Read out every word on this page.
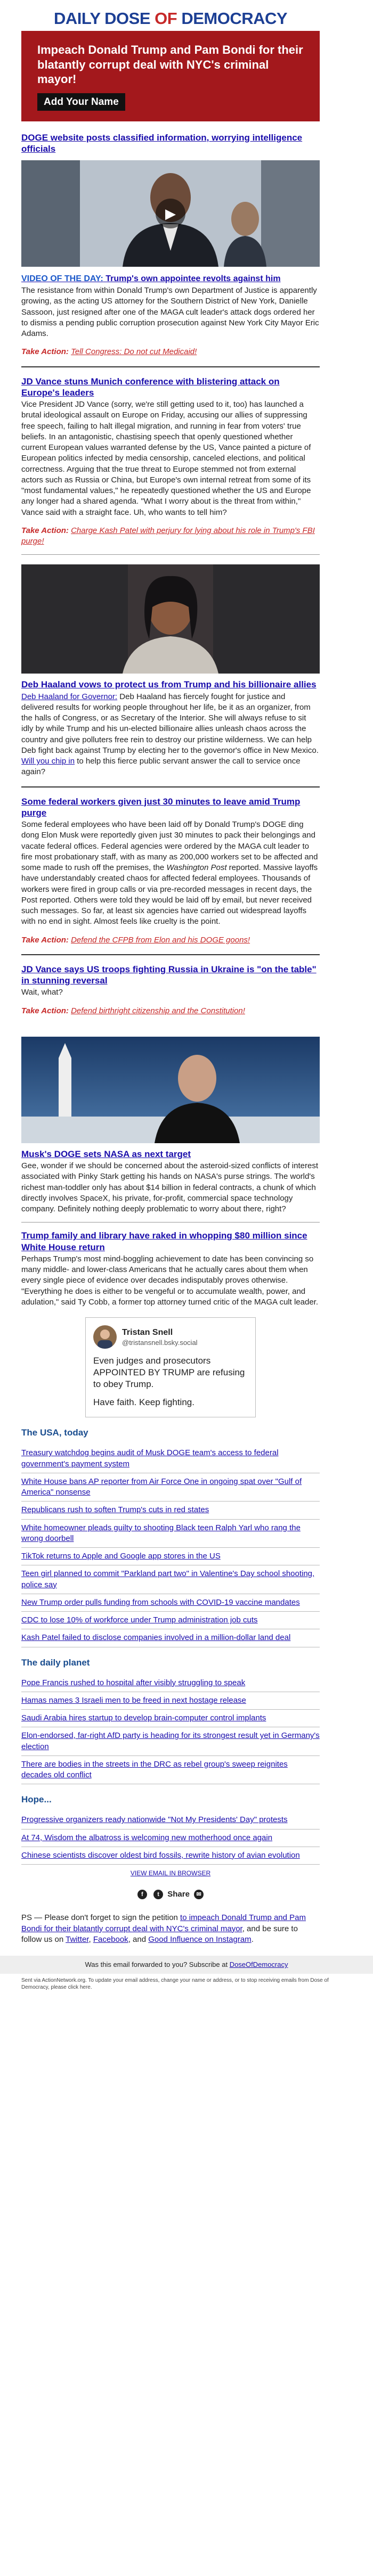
DAILY DOSE OF DEMOCRACY
Impeach Donald Trump and Pam Bondi for their blatantly corrupt deal with NYC's criminal mayor!
Add Your Name
DOGE website posts classified information, worrying intelligence officials
▶
VIDEO OF THE DAY: Trump's own appointee revolts against him
The resistance from within Donald Trump's own Department of Justice is apparently growing, as the acting US attorney for the Southern District of New York, Danielle Sassoon, just resigned after one of the MAGA cult leader's attack dogs ordered her to dismiss a pending public corruption prosecution against New York City Mayor Eric Adams.
Take Action: Tell Congress: Do not cut Medicaid!
JD Vance stuns Munich conference with blistering attack on Europe's leaders
Vice President JD Vance (sorry, we're still getting used to it, too) has launched a brutal ideological assault on Europe on Friday, accusing our allies of suppressing free speech, failing to halt illegal migration, and running in fear from voters' true beliefs. In an antagonistic, chastising speech that openly questioned whether current European values warranted defense by the US, Vance painted a picture of European politics infected by media censorship, canceled elections, and political correctness. Arguing that the true threat to Europe stemmed not from external actors such as Russia or China, but Europe's own internal retreat from some of its "most fundamental values," he repeatedly questioned whether the US and Europe any longer had a shared agenda. "What I worry about is the threat from within," Vance said with a straight face. Uh, who wants to tell him?
Take Action: Charge Kash Patel with perjury for lying about his role in Trump's FBI purge!
Deb Haaland vows to protect us from Trump and his billionaire allies
Deb Haaland for Governor: Deb Haaland has fiercely fought for justice and delivered results for working people throughout her life, be it as an organizer, from the halls of Congress, or as Secretary of the Interior. She will always refuse to sit idly by while Trump and his un-elected billionaire allies unleash chaos across the country and give polluters free rein to destroy our pristine wilderness. We can help Deb fight back against Trump by electing her to the governor's office in New Mexico. Will you chip in to help this fierce public servant answer the call to service once again?
Some federal workers given just 30 minutes to leave amid Trump purge
Some federal employees who have been laid off by Donald Trump's DOGE ding dong Elon Musk were reportedly given just 30 minutes to pack their belongings and vacate federal offices. Federal agencies were ordered by the MAGA cult leader to fire most probationary staff, with as many as 200,000 workers set to be affected and some made to rush off the premises, the Washington Post reported. Massive layoffs have understandably created chaos for affected federal employees. Thousands of workers were fired in group calls or via pre-recorded messages in recent days, the Post reported. Others were told they would be laid off by email, but never received such messages. So far, at least six agencies have carried out widespread layoffs with no end in sight. Almost feels like cruelty is the point.
Take Action: Defend the CFPB from Elon and his DOGE goons!
JD Vance says US troops fighting Russia in Ukraine is "on the table" in stunning reversal
Wait, what?
Take Action: Defend birthright citizenship and the Constitution!
Musk's DOGE sets NASA as next target
Gee, wonder if we should be concerned about the asteroid-sized conflicts of interest associated with Pinky Stark getting his hands on NASA's purse strings. The world's richest man-toddler only has about $14 billion in federal contracts, a chunk of which directly involves SpaceX, his private, for-profit, commercial space technology company. Definitely nothing deeply problematic to worry about there, right?
Trump family and library have raked in whopping $80 million since White House return
Perhaps Trump's most mind-boggling achievement to date has been convincing so many middle- and lower-class Americans that he actually cares about them when every single piece of evidence over decades indisputably proves otherwise. "Everything he does is either to be vengeful or to accumulate wealth, power, and adulation," said Ty Cobb, a former top attorney turned critic of the MAGA cult leader.
Tristan Snell
@tristansnell.bsky.social
Even judges and prosecutors APPOINTED BY TRUMP are refusing to obey Trump.
Have faith. Keep fighting.
The USA, today
Treasury watchdog begins audit of Musk DOGE team's access to federal government's payment system
White House bans AP reporter from Air Force One in ongoing spat over "Gulf of America" nonsense
Republicans rush to soften Trump's cuts in red states
White homeowner pleads guilty to shooting Black teen Ralph Yarl who rang the wrong doorbell
TikTok returns to Apple and Google app stores in the US
Teen girl planned to commit "Parkland part two" in Valentine's Day school shooting, police say
New Trump order pulls funding from schools with COVID-19 vaccine mandates
CDC to lose 10% of workforce under Trump administration job cuts
Kash Patel failed to disclose companies involved in a million-dollar land deal
The daily planet
Pope Francis rushed to hospital after visibly struggling to speak
Hamas names 3 Israeli men to be freed in next hostage release
Saudi Arabia hires startup to develop brain-computer control implants
Elon-endorsed, far-right AfD party is heading for its strongest result yet in Germany's election
There are bodies in the streets in the DRC as rebel group's sweep reignites decades old conflict
Hope...
Progressive organizers ready nationwide "Not My Presidents' Day" protests
At 74, Wisdom the albatross is welcoming new motherhood once again
Chinese scientists discover oldest bird fossils, rewrite history of avian evolution
VIEW EMAIL IN BROWSER
f t Share ✉
PS — Please don't forget to sign the petition to impeach Donald Trump and Pam Bondi for their blatantly corrupt deal with NYC's criminal mayor, and be sure to follow us on Twitter, Facebook, and Good Influence on Instagram.
Was this email forwarded to you? Subscribe at DoseOfDemocracy
Sent via ActionNetwork.org. To update your email address, change your name or address, or to stop receiving emails from Dose of Democracy, please click here.
